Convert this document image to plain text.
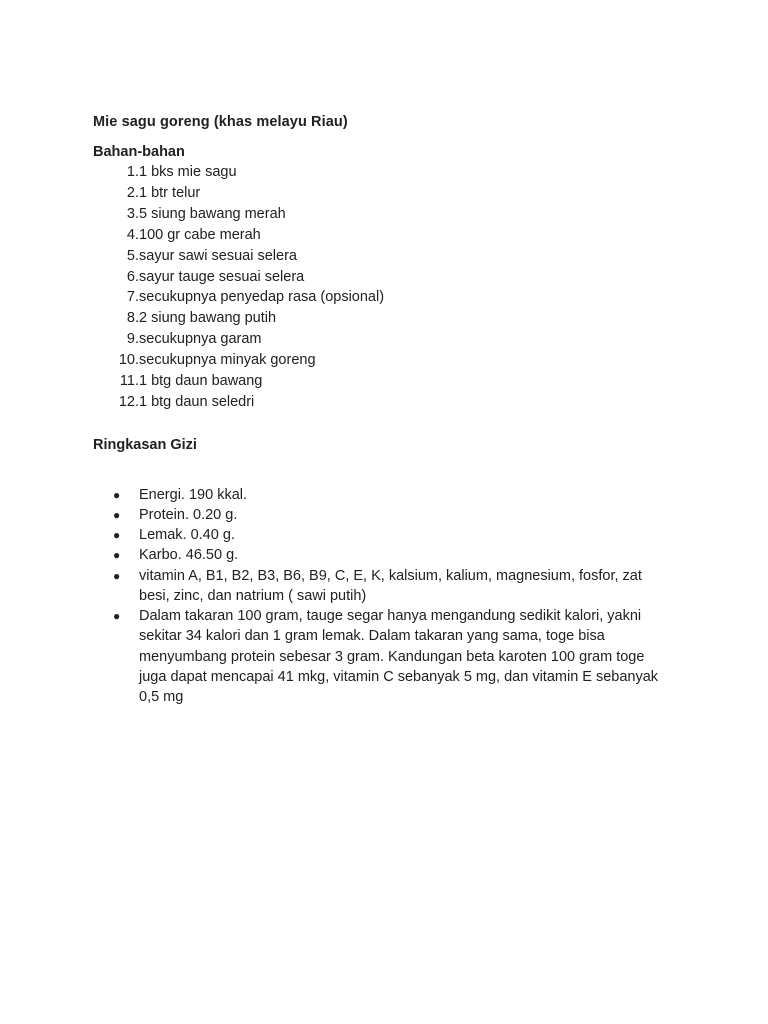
Mie sagu goreng (khas melayu Riau)

Bahan-bahan

1. 1 bks mie sagu
2. 1 btr telur
3. 5 siung bawang merah
4. 100 gr cabe merah
5. sayur sawi sesuai selera
6. sayur tauge sesuai selera
7. secukupnya penyedap rasa (opsional)
8. 2 siung bawang putih
9. secukupnya garam
10. secukupnya minyak goreng
11. 1 btg daun bawang
12. 1 btg daun seledri

Ringkasan Gizi

●	Energi. 190 kkal.
●	Protein. 0.20 g.
●	Lemak. 0.40 g.
●	Karbo. 46.50 g.
●	vitamin A, B1, B2, B3, B6, B9, C, E, K, kalsium, kalium, magnesium, fosfor, zat besi, zinc, dan natrium ( sawi putih)
●	Dalam takaran 100 gram, tauge segar hanya mengandung sedikit kalori, yakni sekitar 34 kalori dan 1 gram lemak. Dalam takaran yang sama, toge bisa menyumbang protein sebesar 3 gram. Kandungan beta karoten 100 gram toge juga dapat mencapai 41 mkg, vitamin C sebanyak 5 mg, dan vitamin E sebanyak 0,5 mg
